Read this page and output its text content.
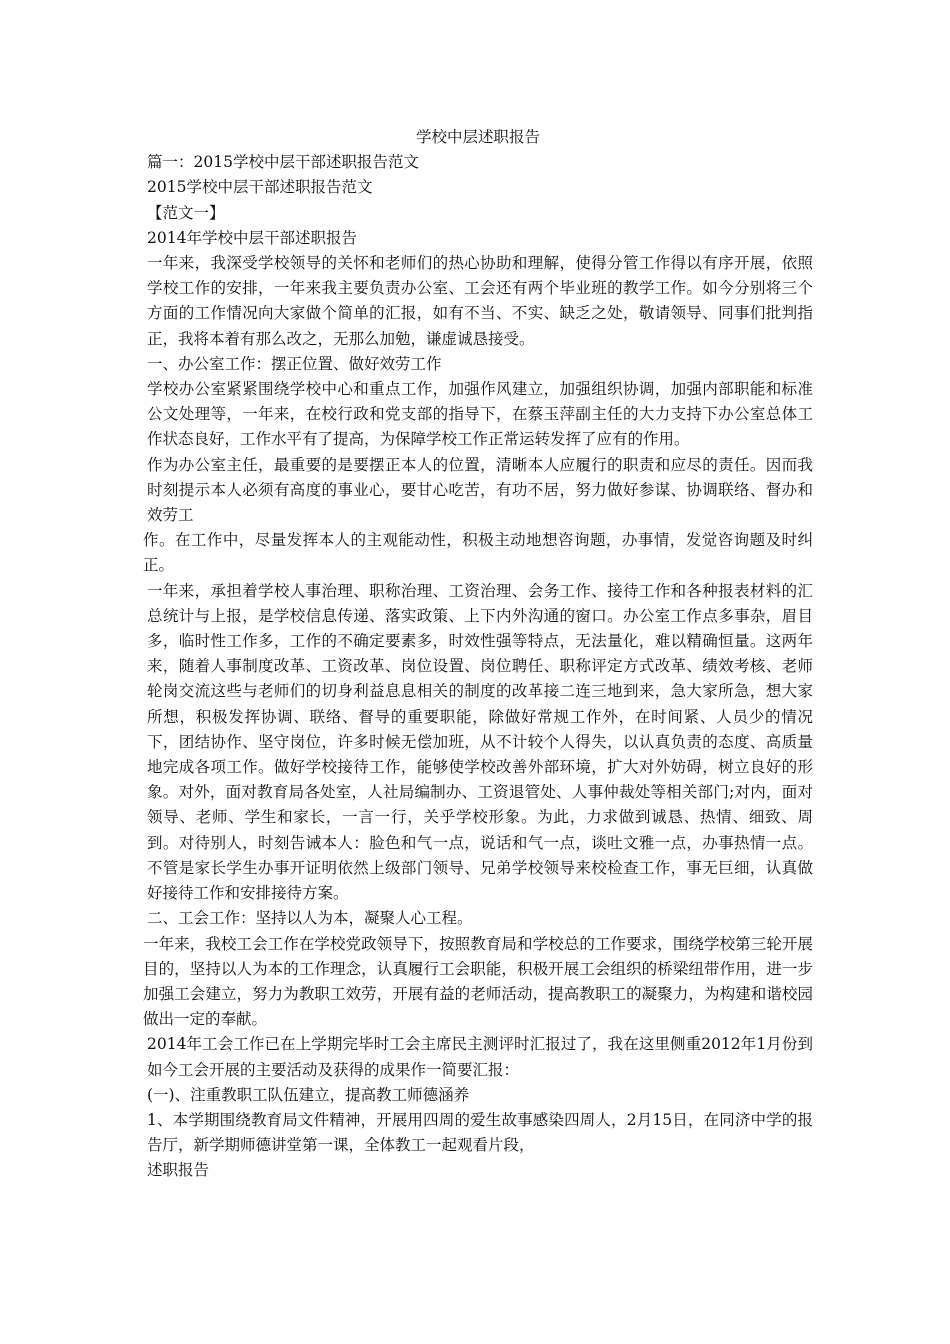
学校中层述职报告

篇一：2015学校中层干部述职报告范文

2015学校中层干部述职报告范文

【范文一】

2014年学校中层干部述职报告

一年来，我深受学校领导的关怀和老师们的热心协助和理解，使得分管工作得以有序开展，依照学校工作的安排，一年来我主要负责办公室、工会还有两个毕业班的教学工作。如今分别将三个方面的工作情况向大家做个简单的汇报，如有不当、不实、缺乏之处，敬请领导、同事们批判指正，我将本着有那么改之，无那么加勉，谦虚诚恳接受。

一、办公室工作：摆正位置、做好效劳工作

学校办公室紧紧围绕学校中心和重点工作，加强作风建立，加强组织协调，加强内部职能和标准公文处理等，一年来，在校行政和党支部的指导下，在蔡玉萍副主任的大力支持下办公室总体工作状态良好，工作水平有了提高，为保障学校工作正常运转发挥了应有的作用。

作为办公室主任，最重要的是要摆正本人的位置，清晰本人应履行的职责和应尽的责任。因而我时刻提示本人必须有高度的事业心，要甘心吃苦，有功不居，努力做好参谋、协调联络、督办和效劳工

作。在工作中，尽量发挥本人的主观能动性，积极主动地想咨询题，办事情，发觉咨询题及时纠正。

一年来，承担着学校人事治理、职称治理、工资治理、会务工作、接待工作和各种报表材料的汇总统计与上报，是学校信息传递、落实政策、上下内外沟通的窗口。办公室工作点多事杂，眉目多，临时性工作多，工作的不确定要素多，时效性强等特点，无法量化，难以精确恒量。这两年来，随着人事制度改革、工资改革、岗位设置、岗位聘任、职称评定方式改革、绩效考核、老师轮岗交流这些与老师们的切身利益息息相关的制度的改革接二连三地到来，急大家所急，想大家所想，积极发挥协调、联络、督导的重要职能，除做好常规工作外，在时间紧、人员少的情况下，团结协作、坚守岗位，许多时候无偿加班，从不计较个人得失，以认真负责的态度、高质量地完成各项工作。做好学校接待工作，能够使学校改善外部环境，扩大对外妨碍，树立良好的形象。对外，面对教育局各处室，人社局编制办、工资退管处、人事仲裁处等相关部门;对内，面对领导、老师、学生和家长，一言一行，关乎学校形象。为此，力求做到诚恳、热情、细致、周到。对待别人，时刻告诫本人：脸色和气一点，说话和气一点，谈吐文雅一点，办事热情一点。不管是家长学生办事开证明依然上级部门领导、兄弟学校领导来校检查工作，事无巨细，认真做好接待工作和安排接待方案。

二、工会工作：坚持以人为本，凝聚人心工程。

一年来，我校工会工作在学校党政领导下，按照教育局和学校总的工作要求，围绕学校第三轮开展目的，坚持以人为本的工作理念，认真履行工会职能，积极开展工会组织的桥梁纽带作用，进一步加强工会建立，努力为教职工效劳，开展有益的老师活动，提高教职工的凝聚力，为构建和谐校园做出一定的奉献。

2014年工会工作已在上学期完毕时工会主席民主测评时汇报过了，我在这里侧重2012年1月份到如今工会开展的主要活动及获得的成果作一简要汇报：

(一)、注重教职工队伍建立，提高教工师德涵养

1、本学期围绕教育局文件精神，开展用四周的爱生故事感染四周人，2月15日，在同济中学的报告厅，新学期师德讲堂第一课，全体教工一起观看片段，

述职报告
